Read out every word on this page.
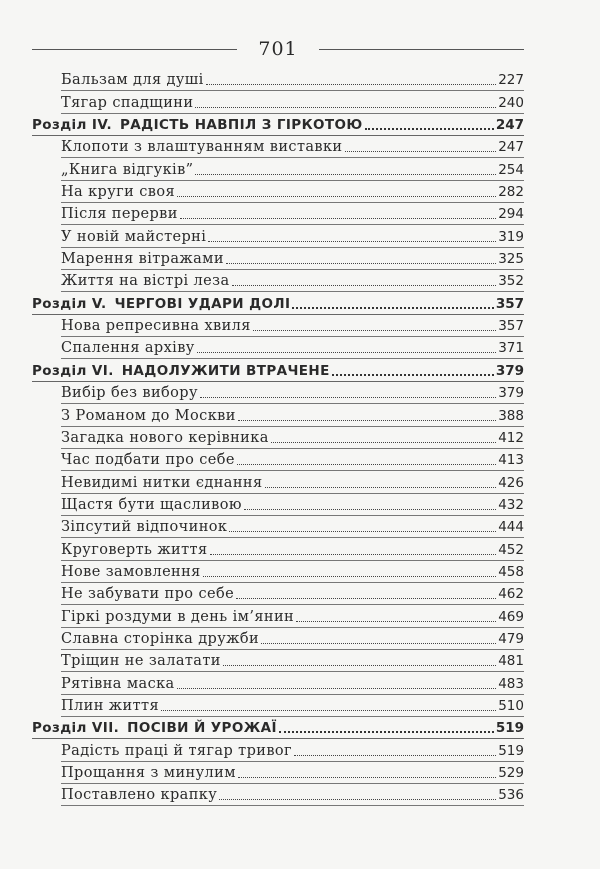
701
Бальзам для душі	227
Тягар спадщини	240
Розділ IV. РАДІСТЬ НАВПІЛ З ГІРКОТОЮ	247
Клопоти з влаштуванням виставки	247
„Книга відгуків”	254
На круги своя	282
Після перерви	294
У новій майстерні	319
Марення вітражами	325
Життя на вістрі леза	352
Розділ V. ЧЕРГОВІ УДАРИ ДОЛІ	357
Нова репресивна хвиля	357
Спалення архіву	371
Розділ VI. НАДОЛУЖИТИ ВТРАЧЕНЕ	379
Вибір без вибору	379
З Романом до Москви	388
Загадка нового керівника	412
Час подбати про себе	413
Невидимі нитки єднання	426
Щастя бути щасливою	432
Зіпсутий відпочинок	444
Круговерть життя	452
Нове замовлення	458
Не забувати про себе	462
Гіркі роздуми в день ім’янин	469
Славна сторінка дружби	479
Тріщин не залатати	481
Рятівна маска	483
Плин життя	510
Розділ VII. ПОСІВИ Й УРОЖАЇ	519
Радість праці й тягар тривог	519
Прощання з минулим	529
Поставлено крапку	536
